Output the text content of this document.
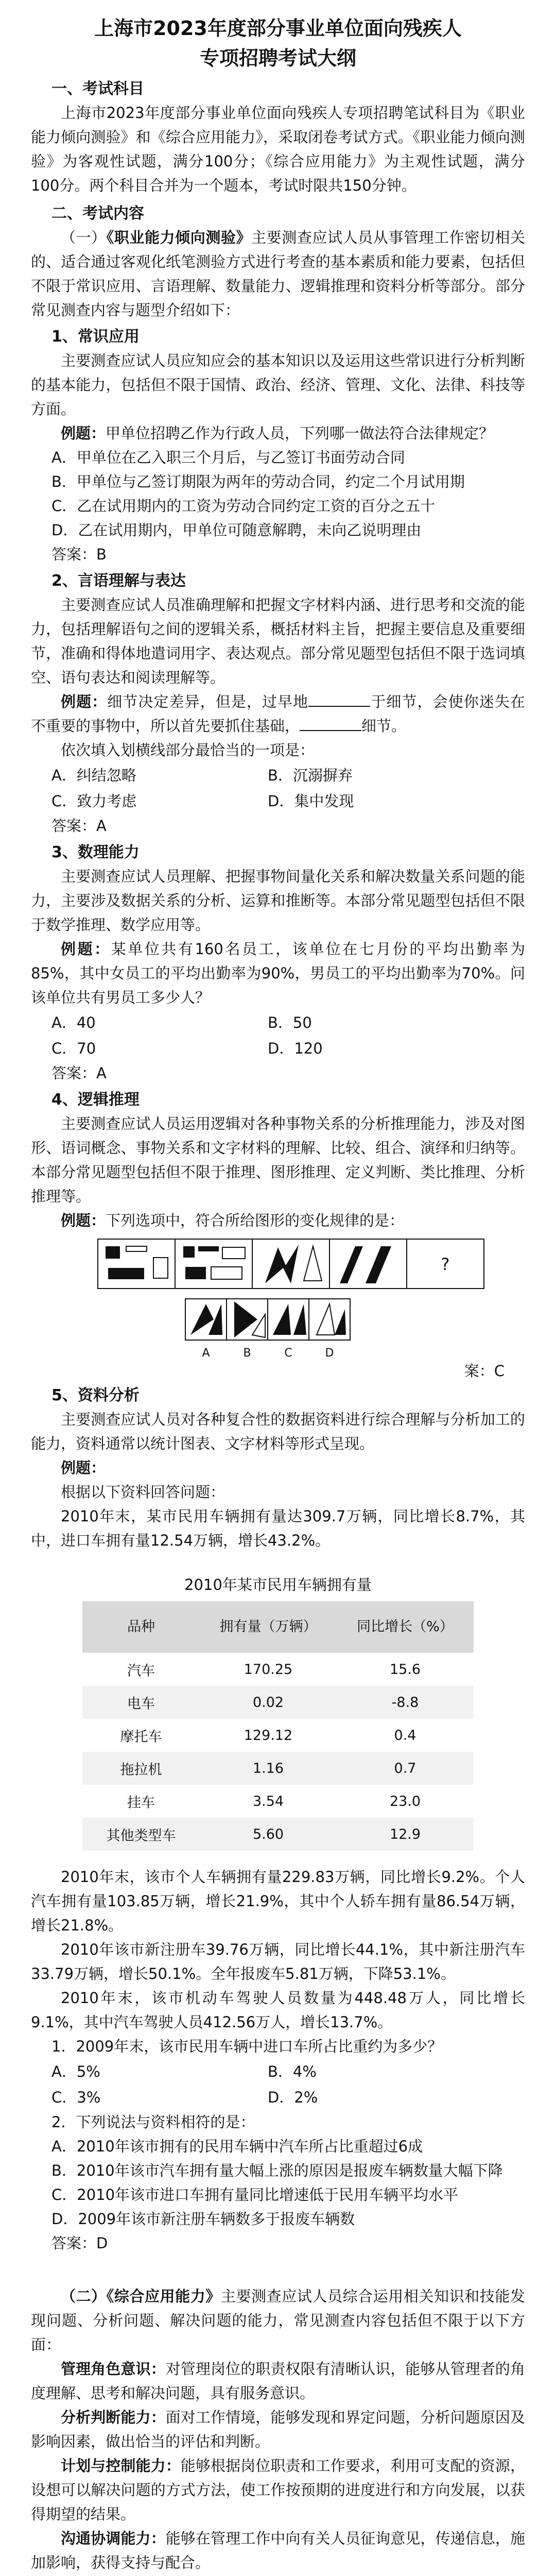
上海市2023年度部分事业单位面向残疾人
专项招聘考试大纲
一、考试科目

上海市2023年度部分事业单位面向残疾人专项招聘笔试科目为《职业能力倾向测验》和《综合应用能力》，采取闭卷考试方式。《职业能力倾向测验》为客观性试题，满分100分；《综合应用能力》为主观性试题，满分100分。两个科目合并为一个题本，考试时限共150分钟。

二、考试内容

（一）《职业能力倾向测验》主要测查应试人员从事管理工作密切相关的、适合通过客观化纸笔测验方式进行考查的基本素质和能力要素，包括但不限于常识应用、言语理解、数量能力、逻辑推理和资料分析等部分。部分常见测查内容与题型介绍如下：

1、常识应用

主要测查应试人员应知应会的基本知识以及运用这些常识进行分析判断的基本能力，包括但不限于国情、政治、经济、管理、文化、法律、科技等方面。

例题：甲单位招聘乙作为行政人员，下列哪一做法符合法律规定？

A．甲单位在乙入职三个月后，与乙签订书面劳动合同
B．甲单位与乙签订期限为两年的劳动合同，约定二个月试用期
C．乙在试用期内的工资为劳动合同约定工资的百分之五十
D．乙在试用期内，甲单位可随意解聘，未向乙说明理由
答案：B
2、言语理解与表达

主要测查应试人员准确理解和把握文字材料内涵、进行思考和交流的能力，包括理解语句之间的逻辑关系，概括材料主旨，把握主要信息及重要细节，准确和得体地遣词用字、表达观点。部分常见题型包括但不限于选词填空、语句表达和阅读理解等。

例题：细节决定差异，但是，过早地	于细节，会使你迷失在不重要的事物中，所以首先要抓住基础，	细节。

依次填入划横线部分最恰当的一项是：

A．纠结忽略	B．沉溺摒弃
C．致力考虑	D．集中发现
答案：A
3、数理能力

主要测查应试人员理解、把握事物间量化关系和解决数量关系问题的能力，主要涉及数据关系的分析、运算和推断等。本部分常见题型包括但不限于数学推理、数学应用等。

例题：某单位共有160名员工，该单位在七月份的平均出勤率为85%，其中女员工的平均出勤率为90%，男员工的平均出勤率为70%。问该单位共有男员工多少人？

A．40	B．50
C．70	D．120
答案：A
4、逻辑推理

主要测查应试人员运用逻辑对各种事物关系的分析推理能力，涉及对图形、语词概念、事物关系和文字材料的理解、比较、组合、演绎和归纳等。本部分常见题型包括但不限于推理、图形推理、定义判断、类比推理、分析推理等。

例题：下列选项中，符合所给图形的变化规律的是：

?
A	B	C	D
案：C
5、资料分析

主要测查应试人员对各种复合性的数据资料进行综合理解与分析加工的能力，资料通常以统计图表、文字材料等形式呈现。

例题：

根据以下资料回答问题：

2010年末，某市民用车辆拥有量达309.7万辆，同比增长8.7%，其中，进口车拥有量12.54万辆，增长43.2%。

2010年某市民用车辆拥有量
品种	拥有量（万辆）	同比增长（%）
汽车	170.25	15.6
电车	0.02	-8.8
摩托车	129.12	0.4
拖拉机	1.16	0.7
挂车	3.54	23.0
其他类型车	5.60	12.9

2010年末，该市个人车辆拥有量229.83万辆，同比增长9.2%。个人汽车拥有量103.85万辆，增长21.9%，其中个人轿车拥有量86.54万辆，增长21.8%。

2010年该市新注册车39.76万辆，同比增长44.1%，其中新注册汽车33.79万辆，增长50.1%。全年报废车5.81万辆，下降53.1%。

2010年末，该市机动车驾驶人员数量为448.48万人，同比增长9.1%，其中汽车驾驶人员412.56万人，增长13.7%。

1．2009年末，该市民用车辆中进口车所占比重约为多少？
A．5%	B．4%
C．3%	D．2%
2．下列说法与资料相符的是：
A．2010年该市拥有的民用车辆中汽车所占比重超过6成
B．2010年该市汽车拥有量大幅上涨的原因是报废车辆数量大幅下降
C．2010年该市进口车拥有量同比增速低于民用车辆平均水平
D．2009年该市新注册车辆数多于报废车辆数
答案：D

（二）《综合应用能力》主要测查应试人员综合运用相关知识和技能发现问题、分析问题、解决问题的能力，常见测查内容包括但不限于以下方面：

管理角色意识：对管理岗位的职责权限有清晰认识，能够从管理者的角度理解、思考和解决问题，具有服务意识。

分析判断能力：面对工作情境，能够发现和界定问题，分析问题原因及影响因素，做出恰当的评估和判断。

计划与控制能力：能够根据岗位职责和工作要求，利用可支配的资源，设想可以解决问题的方式方法，使工作按预期的进度进行和方向发展，以获得期望的结果。

沟通协调能力：能够在管理工作中向有关人员征询意见，传递信息，施加影响，获得支持与配合。
